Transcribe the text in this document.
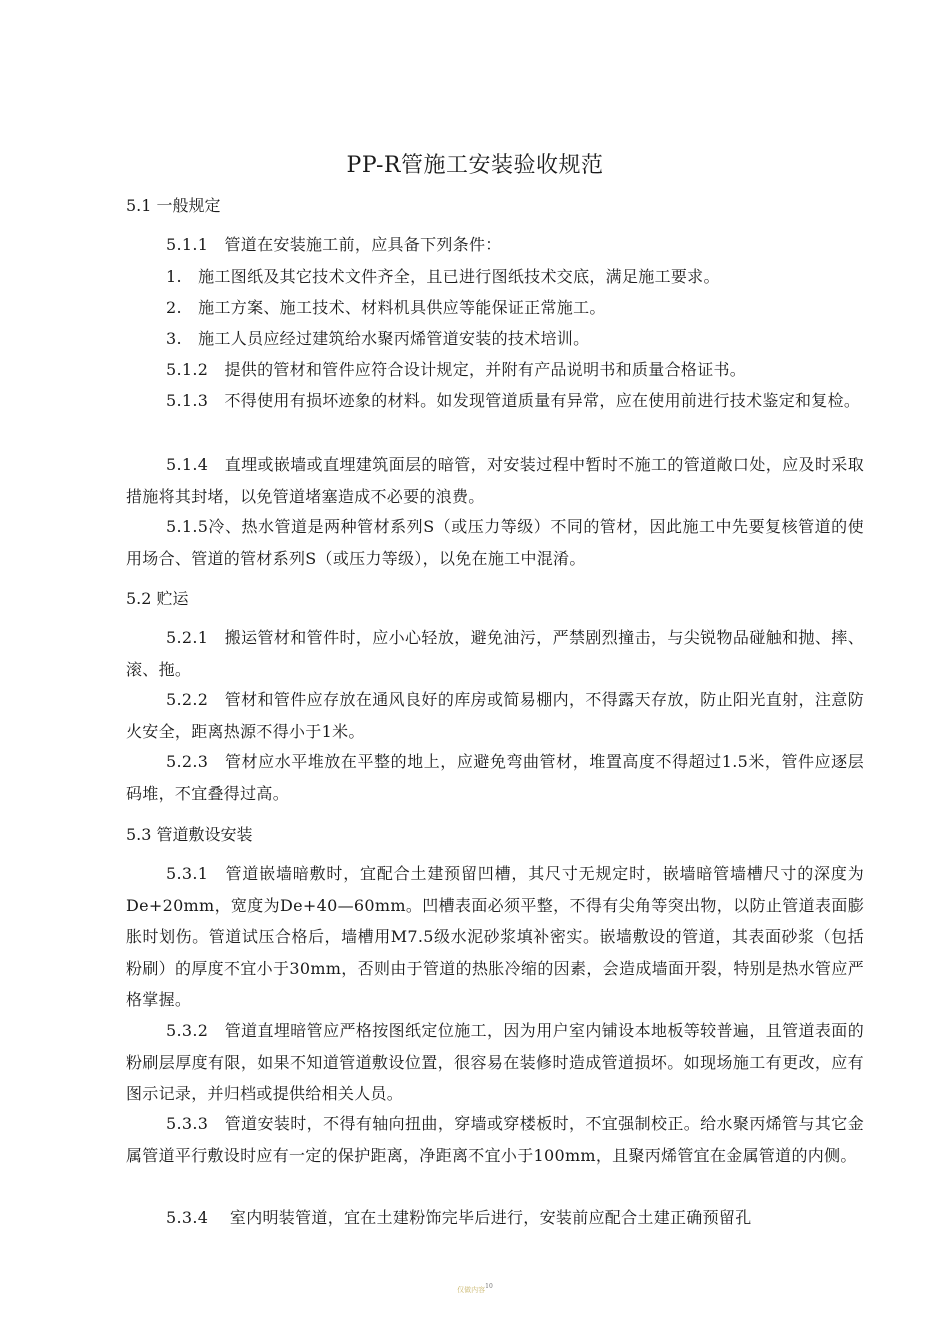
PP-R管施工安装验收规范
5.1 一般规定
5.1.1　管道在安装施工前，应具备下列条件：
1.　施工图纸及其它技术文件齐全，且已进行图纸技术交底，满足施工要求。
2.　施工方案、施工技术、材料机具供应等能保证正常施工。
3.　施工人员应经过建筑给水聚丙烯管道安装的技术培训。
5.1.2　提供的管材和管件应符合设计规定，并附有产品说明书和质量合格证书。
5.1.3　不得使用有损坏迹象的材料。如发现管道质量有异常，应在使用前进行技术鉴定和复检。
5.1.4　直埋或嵌墙或直埋建筑面层的暗管，对安装过程中暂时不施工的管道敞口处，应及时采取措施将其封堵，以免管道堵塞造成不必要的浪费。
5.1.5冷、热水管道是两种管材系列S（或压力等级）不同的管材，因此施工中先要复核管道的使用场合、管道的管材系列S（或压力等级），以免在施工中混淆。
5.2 贮运
5.2.1　搬运管材和管件时，应小心轻放，避免油污，严禁剧烈撞击，与尖锐物品碰触和抛、摔、滚、拖。
5.2.2　管材和管件应存放在通风良好的库房或简易棚内，不得露天存放，防止阳光直射，注意防火安全，距离热源不得小于1米。
5.2.3　管材应水平堆放在平整的地上，应避免弯曲管材，堆置高度不得超过1.5米，管件应逐层码堆，不宜叠得过高。
5.3 管道敷设安装
5.3.1　管道嵌墙暗敷时，宜配合土建预留凹槽，其尺寸无规定时，嵌墙暗管墙槽尺寸的深度为De+20mm，宽度为De+40—60mm。凹槽表面必须平整，不得有尖角等突出物，以防止管道表面膨胀时划伤。管道试压合格后，墙槽用M7.5级水泥砂浆填补密实。嵌墙敷设的管道，其表面砂浆（包括粉刷）的厚度不宜小于30mm，否则由于管道的热胀冷缩的因素，会造成墙面开裂，特别是热水管应严格掌握。
5.3.2　管道直埋暗管应严格按图纸定位施工，因为用户室内铺设本地板等较普遍，且管道表面的粉刷层厚度有限，如果不知道管道敷设位置，很容易在装修时造成管道损坏。如现场施工有更改，应有图示记录，并归档或提供给相关人员。
5.3.3　管道安装时，不得有轴向扭曲，穿墙或穿楼板时，不宜强制校正。给水聚丙烯管与其它金属管道平行敷设时应有一定的保护距离，净距离不宜小于100mm，且聚丙烯管宜在金属管道的内侧。
5.3.4　 室内明装管道，宜在土建粉饰完毕后进行，安装前应配合土建正确预留孔
仅做内容$^{10}$
